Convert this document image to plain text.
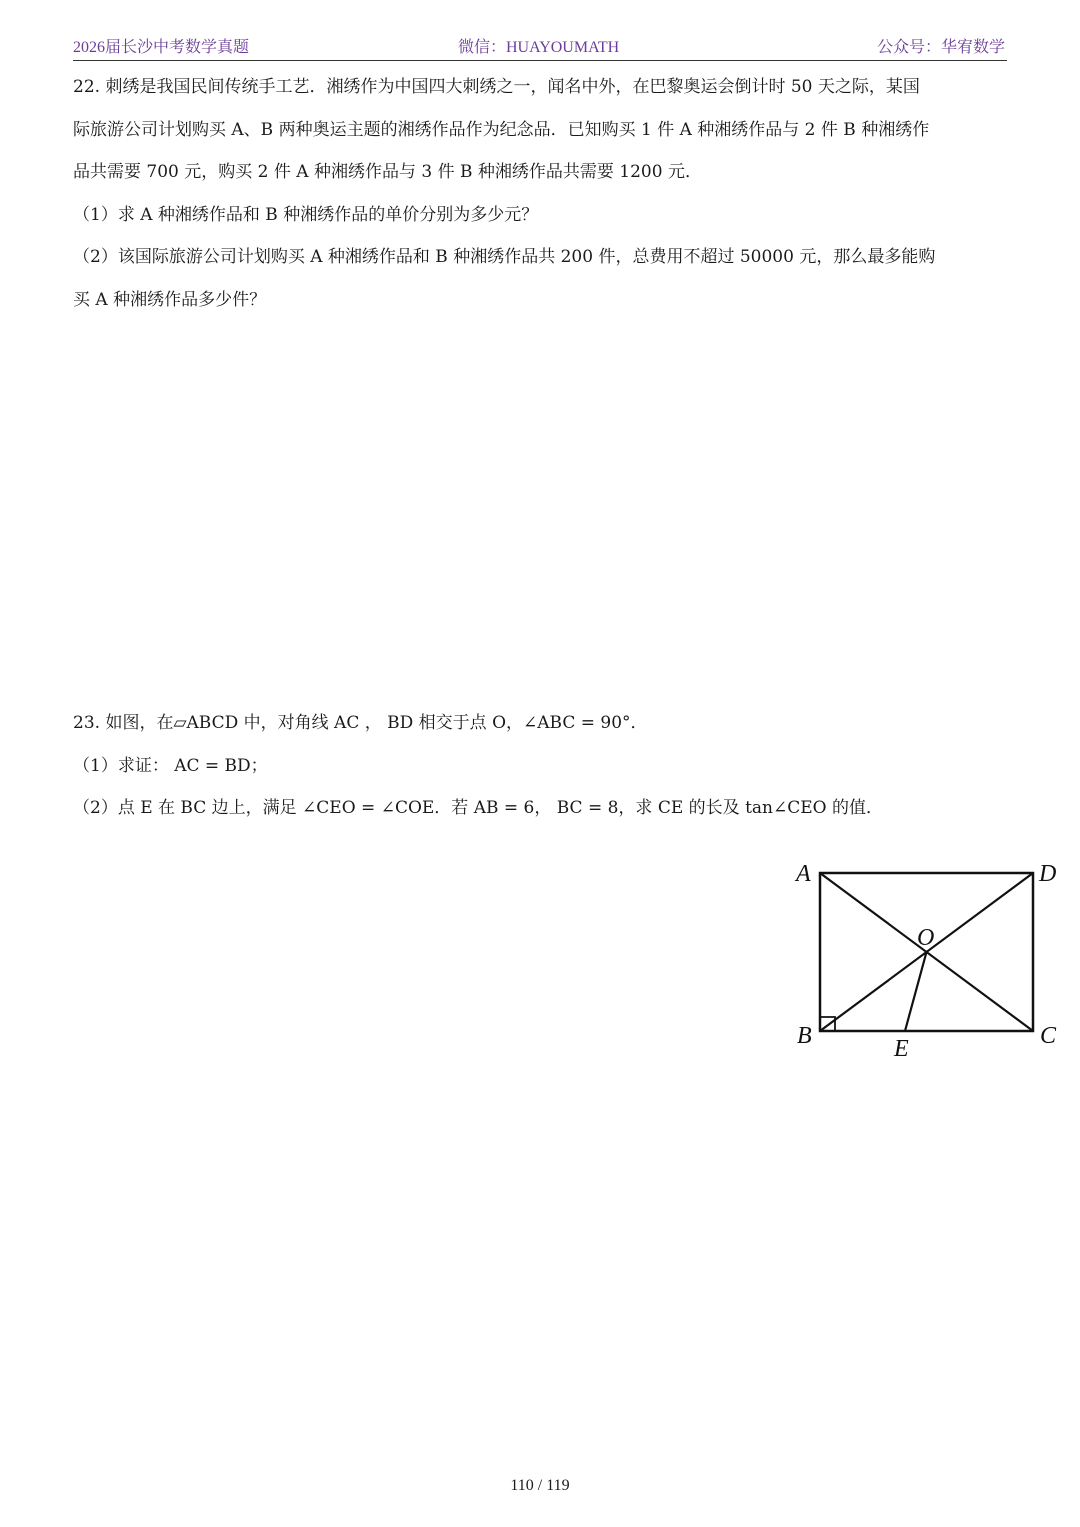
2026届长沙中考数学真题	微信：HUAYOUMATH	公众号：华宥数学
22. 刺绣是我国民间传统手工艺．湘绣作为中国四大刺绣之一，闻名中外，在巴黎奥运会倒计时 50 天之际，某国
际旅游公司计划购买 A、B 两种奥运主题的湘绣作品作为纪念品．已知购买 1 件 A 种湘绣作品与 2 件 B 种湘绣作
品共需要 700 元，购买 2 件 A 种湘绣作品与 3 件 B 种湘绣作品共需要 1200 元．
（1）求 A 种湘绣作品和 B 种湘绣作品的单价分别为多少元？
（2）该国际旅游公司计划购买 A 种湘绣作品和 B 种湘绣作品共 200 件，总费用不超过 50000 元，那么最多能购
买 A 种湘绣作品多少件？
23. 如图，在▱ABCD 中，对角线 AC ， BD 相交于点 O，∠ABC = 90°．
（1）求证： AC = BD；
（2）点 E 在 BC 边上，满足 ∠CEO = ∠COE．若 AB = 6， BC = 8，求 CE 的长及 tan∠CEO 的值．
A	D
O
B	C
E
110 / 119
